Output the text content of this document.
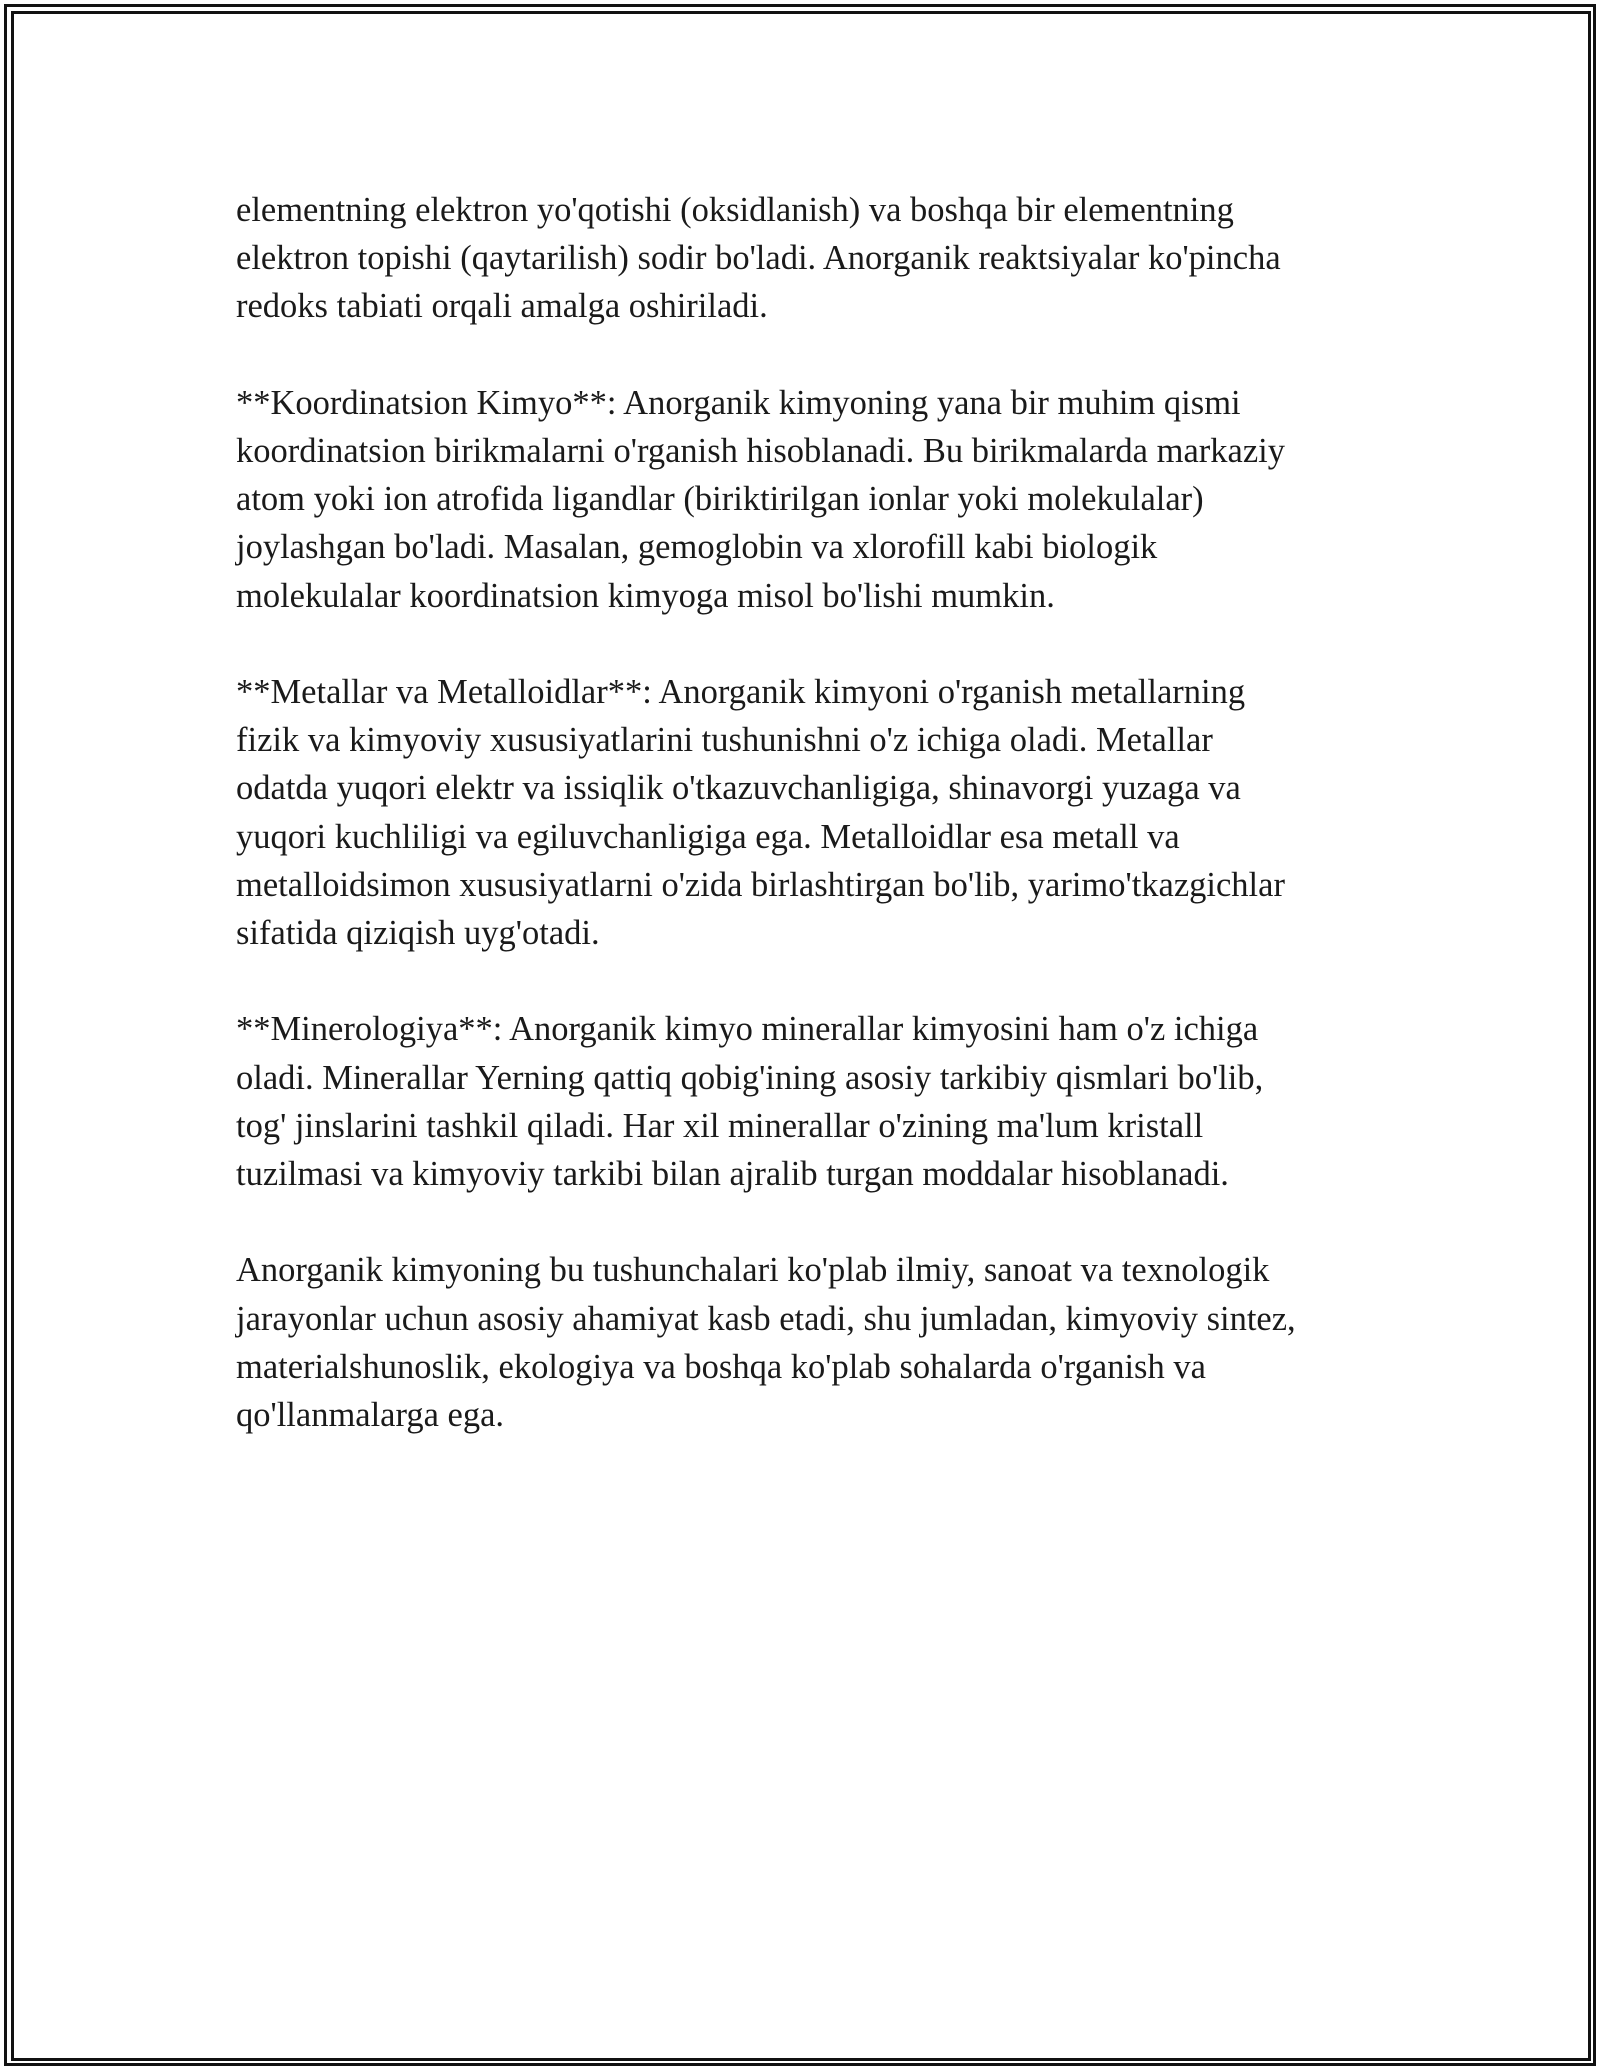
elementning elektron yo'qotishi (oksidlanish) va boshqa bir elementning
elektron topishi (qaytarilish) sodir bo'ladi. Anorganik reaktsiyalar ko'pincha
redoks tabiati orqali amalga oshiriladi.

**Koordinatsion Kimyo**: Anorganik kimyoning yana bir muhim qismi
koordinatsion birikmalarni o'rganish hisoblanadi. Bu birikmalarda markaziy
atom yoki ion atrofida ligandlar (biriktirilgan ionlar yoki molekulalar)
joylashgan bo'ladi. Masalan, gemoglobin va xlorofill kabi biologik
molekulalar koordinatsion kimyoga misol bo'lishi mumkin.

**Metallar va Metalloidlar**: Anorganik kimyoni o'rganish metallarning
fizik va kimyoviy xususiyatlarini tushunishni o'z ichiga oladi. Metallar
odatda yuqori elektr va issiqlik o'tkazuvchanligiga, shinavorgi yuzaga va
yuqori kuchliligi va egiluvchanligiga ega. Metalloidlar esa metall va
metalloidsimon xususiyatlarni o'zida birlashtirgan bo'lib, yarimo'tkazgichlar
sifatida qiziqish uyg'otadi.

**Minerologiya**: Anorganik kimyo minerallar kimyosini ham o'z ichiga
oladi. Minerallar Yerning qattiq qobig'ining asosiy tarkibiy qismlari bo'lib,
tog' jinslarini tashkil qiladi. Har xil minerallar o'zining ma'lum kristall
tuzilmasi va kimyoviy tarkibi bilan ajralib turgan moddalar hisoblanadi.

Anorganik kimyoning bu tushunchalari ko'plab ilmiy, sanoat va texnologik
jarayonlar uchun asosiy ahamiyat kasb etadi, shu jumladan, kimyoviy sintez,
materialshunoslik, ekologiya va boshqa ko'plab sohalarda o'rganish va
qo'llanmalarga ega.
